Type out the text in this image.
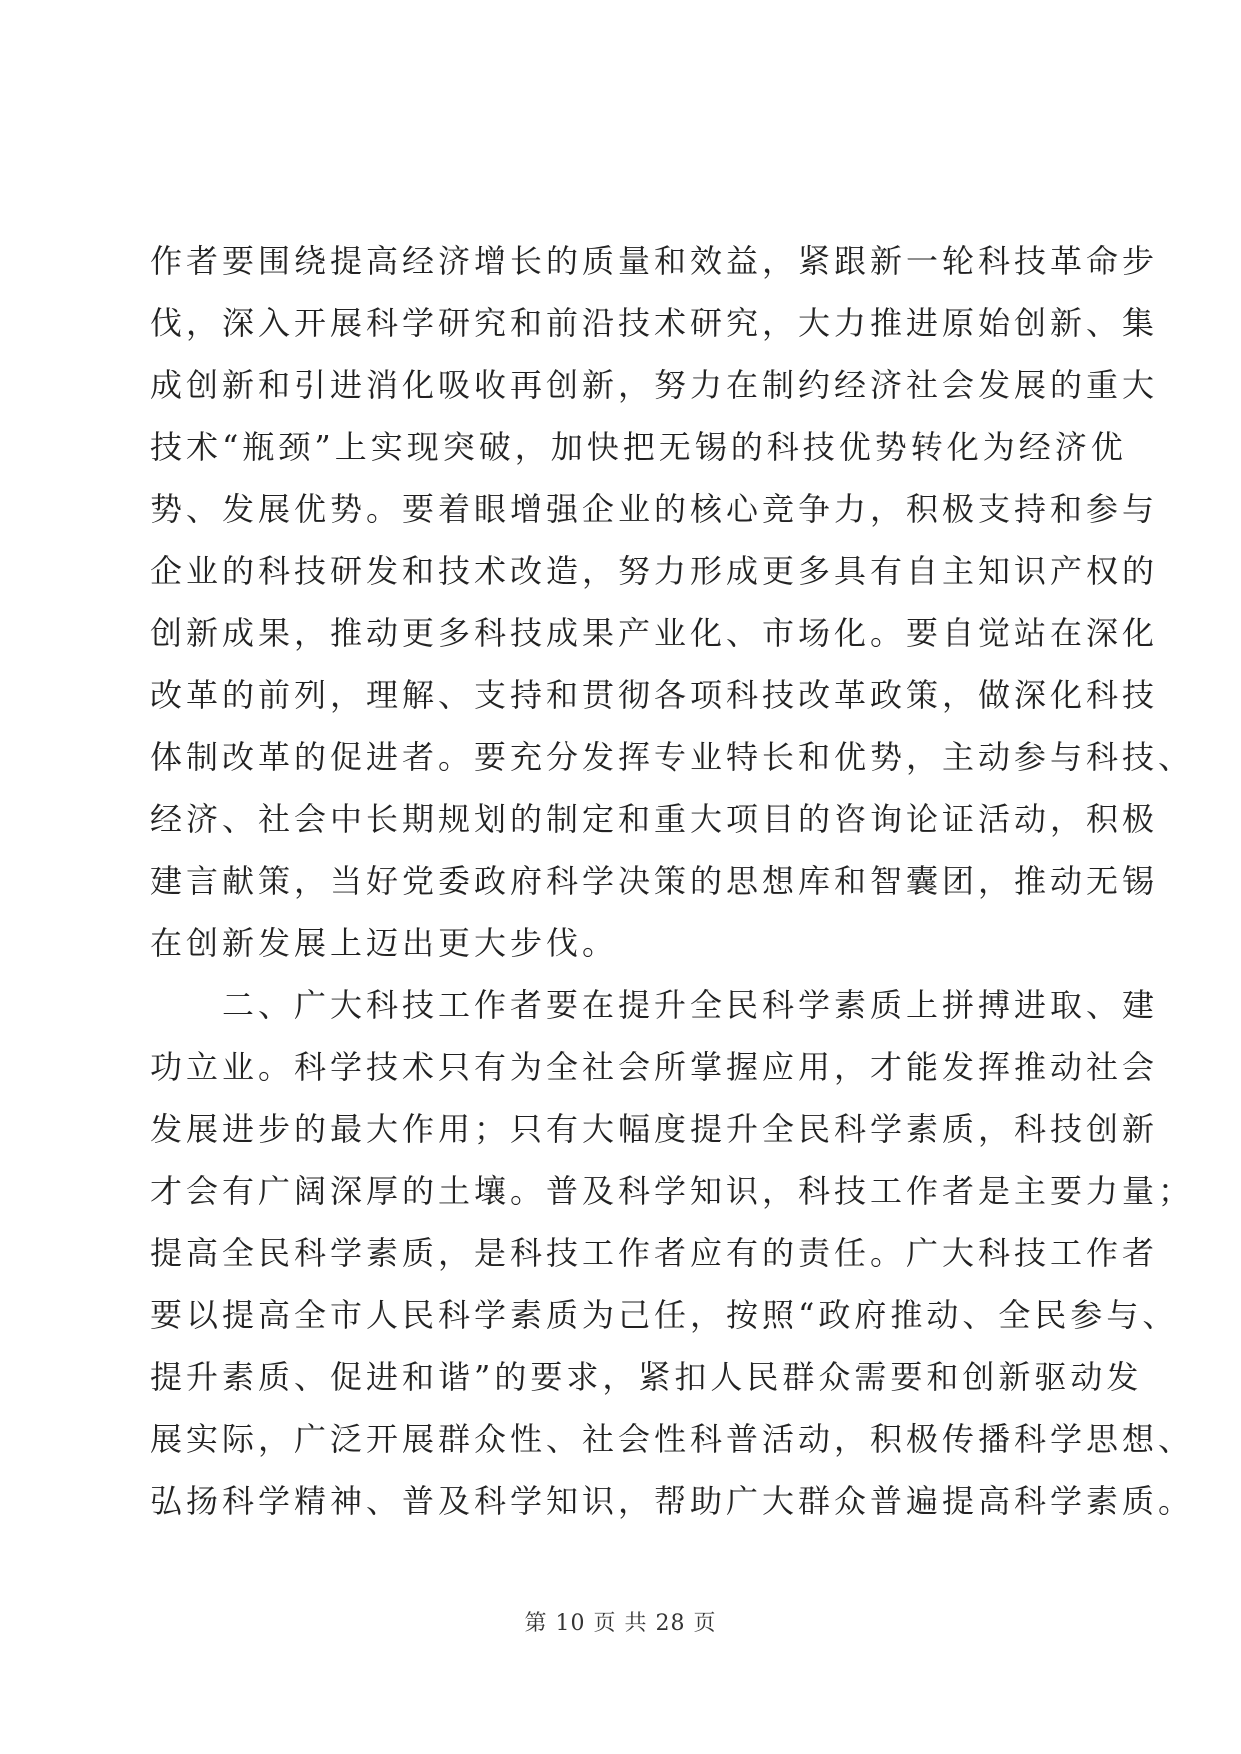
作者要围绕提高经济增长的质量和效益，紧跟新一轮科技革命步
伐，深入开展科学研究和前沿技术研究，大力推进原始创新、集
成创新和引进消化吸收再创新，努力在制约经济社会发展的重大
技术“瓶颈”上实现突破，加快把无锡的科技优势转化为经济优
势、发展优势。要着眼增强企业的核心竞争力，积极支持和参与
企业的科技研发和技术改造，努力形成更多具有自主知识产权的
创新成果，推动更多科技成果产业化、市场化。要自觉站在深化
改革的前列，理解、支持和贯彻各项科技改革政策，做深化科技
体制改革的促进者。要充分发挥专业特长和优势，主动参与科技、
经济、社会中长期规划的制定和重大项目的咨询论证活动，积极
建言献策，当好党委政府科学决策的思想库和智囊团，推动无锡
在创新发展上迈出更大步伐。
二、广大科技工作者要在提升全民科学素质上拼搏进取、建
功立业。科学技术只有为全社会所掌握应用，才能发挥推动社会
发展进步的最大作用；只有大幅度提升全民科学素质，科技创新
才会有广阔深厚的土壤。普及科学知识，科技工作者是主要力量；
提高全民科学素质，是科技工作者应有的责任。广大科技工作者
要以提高全市人民科学素质为己任，按照“政府推动、全民参与、
提升素质、促进和谐”的要求，紧扣人民群众需要和创新驱动发
展实际，广泛开展群众性、社会性科普活动，积极传播科学思想、
弘扬科学精神、普及科学知识，帮助广大群众普遍提高科学素质。
第 10 页 共 28 页
